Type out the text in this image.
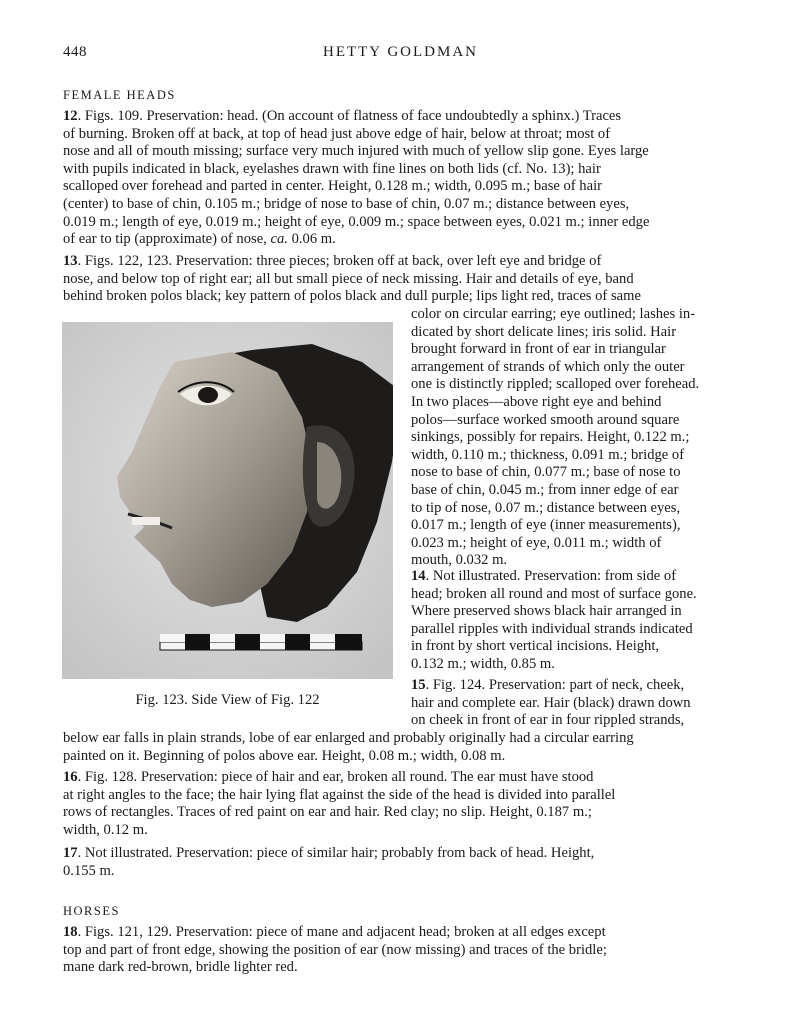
448	HETTY GOLDMAN
FEMALE HEADS
12. Figs. 109. Preservation: head. (On account of flatness of face undoubtedly a sphinx.) Traces
of burning. Broken off at back, at top of head just above edge of hair, below at throat; most of
nose and all of mouth missing; surface very much injured with much of yellow slip gone. Eyes large
with pupils indicated in black, eyelashes drawn with fine lines on both lids (cf. No. 13); hair
scalloped over forehead and parted in center. Height, 0.128 m.; width, 0.095 m.; base of hair
(center) to base of chin, 0.105 m.; bridge of nose to base of chin, 0.07 m.; distance between eyes,
0.019 m.; length of eye, 0.019 m.; height of eye, 0.009 m.; space between eyes, 0.021 m.; inner edge
of ear to tip (approximate) of nose, ca. 0.06 m.
13. Figs. 122, 123. Preservation: three pieces; broken off at back, over left eye and bridge of
nose, and below top of right ear; all but small piece of neck missing. Hair and details of eye, band
behind broken polos black; key pattern of polos black and dull purple; lips light red, traces of same
Fig. 123. Side View of Fig. 122
color on circular earring; eye outlined; lashes in-
dicated by short delicate lines; iris solid. Hair
brought forward in front of ear in triangular
arrangement of strands of which only the outer
one is distinctly rippled; scalloped over forehead.
In two places—above right eye and behind
polos—surface worked smooth around square
sinkings, possibly for repairs. Height, 0.122 m.;
width, 0.110 m.; thickness, 0.091 m.; bridge of
nose to base of chin, 0.077 m.; base of nose to
base of chin, 0.045 m.; from inner edge of ear
to tip of nose, 0.07 m.; distance between eyes,
0.017 m.; length of eye (inner measurements),
0.023 m.; height of eye, 0.011 m.; width of
mouth, 0.032 m.
14. Not illustrated. Preservation: from side of
head; broken all round and most of surface gone.
Where preserved shows black hair arranged in
parallel ripples with individual strands indicated
in front by short vertical incisions. Height,
0.132 m.; width, 0.85 m.
15. Fig. 124. Preservation: part of neck, cheek,
hair and complete ear. Hair (black) drawn down
on cheek in front of ear in four rippled strands,
below ear falls in plain strands, lobe of ear enlarged and probably originally had a circular earring
painted on it. Beginning of polos above ear. Height, 0.08 m.; width, 0.08 m.
16. Fig. 128. Preservation: piece of hair and ear, broken all round. The ear must have stood
at right angles to the face; the hair lying flat against the side of the head is divided into parallel
rows of rectangles. Traces of red paint on ear and hair. Red clay; no slip. Height, 0.187 m.;
width, 0.12 m.
17. Not illustrated. Preservation: piece of similar hair; probably from back of head. Height,
0.155 m.
HORSES
18. Figs. 121, 129. Preservation: piece of mane and adjacent head; broken at all edges except
top and part of front edge, showing the position of ear (now missing) and traces of the bridle;
mane dark red-brown, bridle lighter red.
